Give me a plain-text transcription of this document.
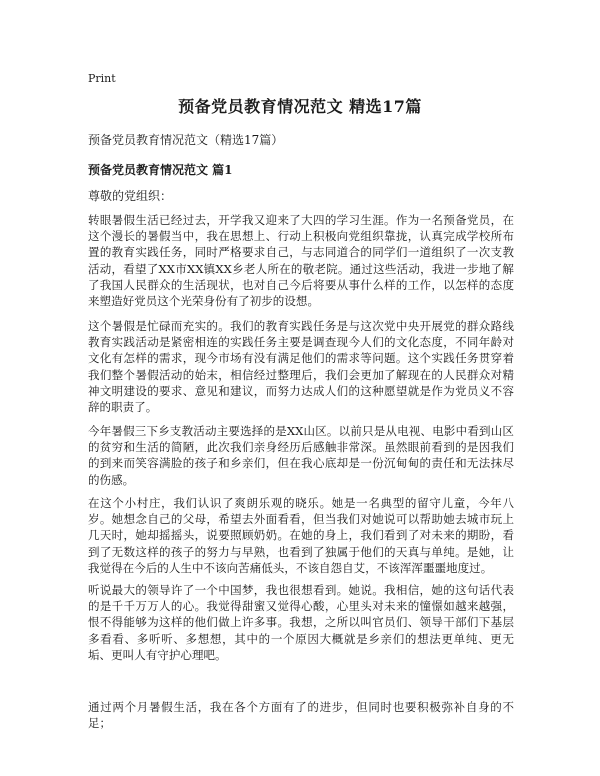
Print
预备党员教育情况范文 精选17篇
预备党员教育情况范文（精选17篇）
预备党员教育情况范文 篇1
尊敬的党组织：

转眼暑假生活已经过去，开学我又迎来了大四的学习生涯。作为一名预备党员，在这个漫长的暑假当中，我在思想上、行动上积极向党组织靠拢，认真完成学校所布置的教育实践任务，同时严格要求自己，与志同道合的同学们一道组织了一次支教活动，看望了XX市XX镇XX乡老人所在的敬老院。通过这些活动，我进一步地了解了我国人民群众的生活现状，也对自己今后将要从事什么样的工作，以怎样的态度来塑造好党员这个光荣身份有了初步的设想。

这个暑假是忙碌而充实的。我们的教育实践任务是与这次党中央开展党的群众路线教育实践活动是紧密相连的实践任务主要是调查现今人们的文化态度，不同年龄对文化有怎样的需求，现今市场有没有满足他们的需求等问题。这个实践任务贯穿着我们整个暑假活动的始末，相信经过整理后，我们会更加了解现在的人民群众对精神文明建设的要求、意见和建议，而努力达成人们的这种愿望就是作为党员义不容辞的职责了。

今年暑假三下乡支教活动主要选择的是XX山区。以前只是从电视、电影中看到山区的贫穷和生活的简陋，此次我们亲身经历后感触非常深。虽然眼前看到的是因我们的到来而笑容满脸的孩子和乡亲们，但在我心底却是一份沉甸甸的责任和无法抹尽的伤感。

在这个小村庄，我们认识了爽朗乐观的晓乐。她是一名典型的留守儿童，今年八岁。她想念自己的父母，希望去外面看看，但当我们对她说可以帮助她去城市玩上几天时，她却摇摇头，说要照顾奶奶。在她的身上，我们看到了对未来的期盼，看到了无数这样的孩子的努力与早熟，也看到了独属于他们的天真与单纯。是她，让我觉得在今后的人生中不该向苦痛低头，不该自怨自艾，不该浑浑噩噩地度过。

听说最大的领导许了一个中国梦，我也很想看到。她说。我相信，她的这句话代表的是千千万万人的心。我觉得甜蜜又觉得心酸，心里头对未来的憧憬如越来越强，恨不得能够为这样的他们做上许多事。我想，之所以叫官员们、领导干部们下基层多看看、多听听、多想想，其中的一个原因大概就是乡亲们的想法更单纯、更无垢、更叫人有守护心理吧。

通过两个月暑假生活，我在各个方面有了的进步，但同时也要积极弥补自身的不足；
